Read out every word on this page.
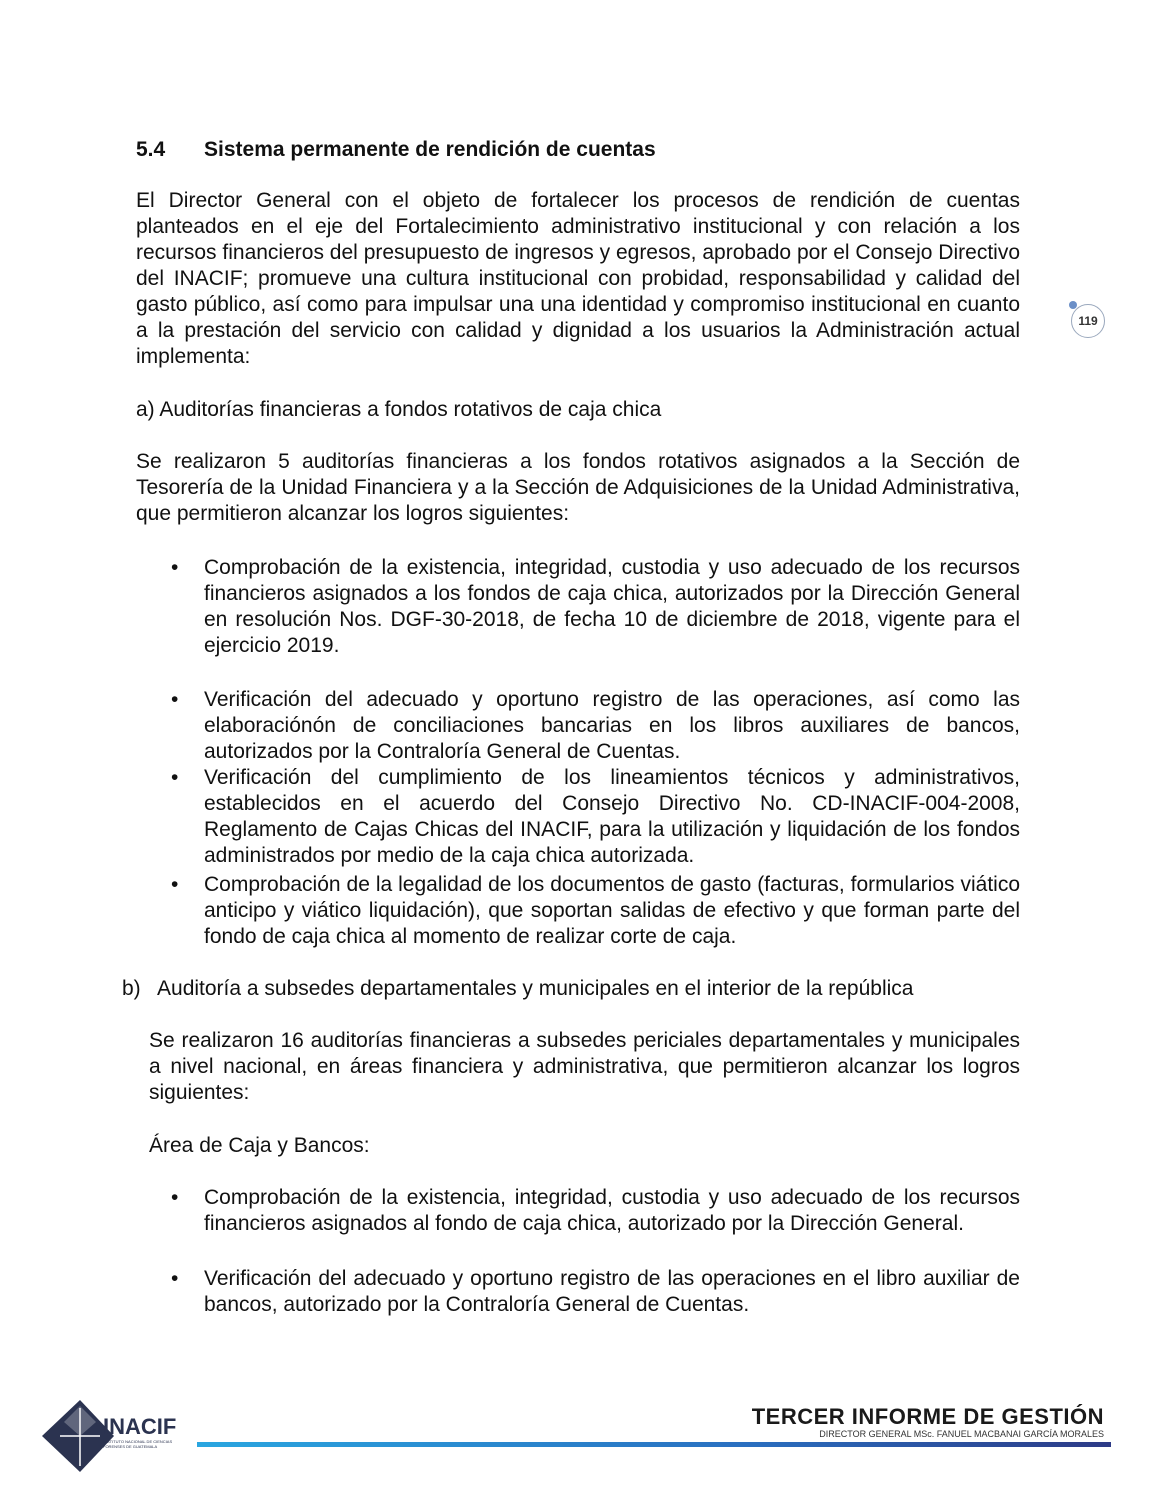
5.4 Sistema permanente de rendición de cuentas

El Director General con el objeto de fortalecer los procesos de rendición de cuentas planteados en el eje del Fortalecimiento administrativo institucional y con relación a los recursos financieros del presupuesto de ingresos y egresos, aprobado por el Consejo Directivo del INACIF; promueve una cultura institucional con probidad, responsabilidad y calidad del gasto público, así como para impulsar una una identidad y compromiso institucional en cuanto a la prestación del servicio con calidad y dignidad a los usuarios la Administración actual implementa:

a) Auditorías financieras a fondos rotativos de caja chica

Se realizaron 5 auditorías financieras a los fondos rotativos asignados a la Sección de Tesorería de la Unidad Financiera y a la Sección de Adquisiciones de la Unidad Administrativa, que permitieron alcanzar los logros siguientes:

• Comprobación de la existencia, integridad, custodia y uso adecuado de los recursos financieros asignados a los fondos de caja chica, autorizados por la Dirección General en resolución Nos. DGF-30-2018, de fecha 10 de diciembre de 2018, vigente para el ejercicio 2019.
• Verificación del adecuado y oportuno registro de las operaciones, así como las elaboraciónón de conciliaciones bancarias en los libros auxiliares de bancos, autorizados por la Contraloría General de Cuentas.
• Verificación del cumplimiento de los lineamientos técnicos y administrativos, establecidos en el acuerdo del Consejo Directivo No. CD-INACIF-004-2008, Reglamento de Cajas Chicas del INACIF, para la utilización y liquidación de los fondos administrados por medio de la caja chica autorizada.
• Comprobación de la legalidad de los documentos de gasto (facturas, formularios viático anticipo y viático liquidación), que soportan salidas de efectivo y que forman parte del fondo de caja chica al momento de realizar corte de caja.

b)   Auditoría a subsedes departamentales y municipales en el interior de la república

Se realizaron 16 auditorías financieras a subsedes periciales departamentales y municipales a nivel nacional, en áreas financiera y administrativa, que permitieron alcanzar los logros siguientes:

Área de Caja y Bancos:

• Comprobación de la existencia, integridad, custodia y uso adecuado de los recursos financieros asignados al fondo de caja chica, autorizado por la Dirección General.
• Verificación del adecuado y oportuno registro de las operaciones en el libro auxiliar de bancos, autorizado por la Contraloría General de Cuentas.
119
INACIF
INSTITUTO NACIONAL DE CIENCIAS FORENSES DE GUATEMALA
TERCER INFORME DE GESTIÓN
DIRECTOR GENERAL MSc. FANUEL MACBANAI GARCÍA MORALES
